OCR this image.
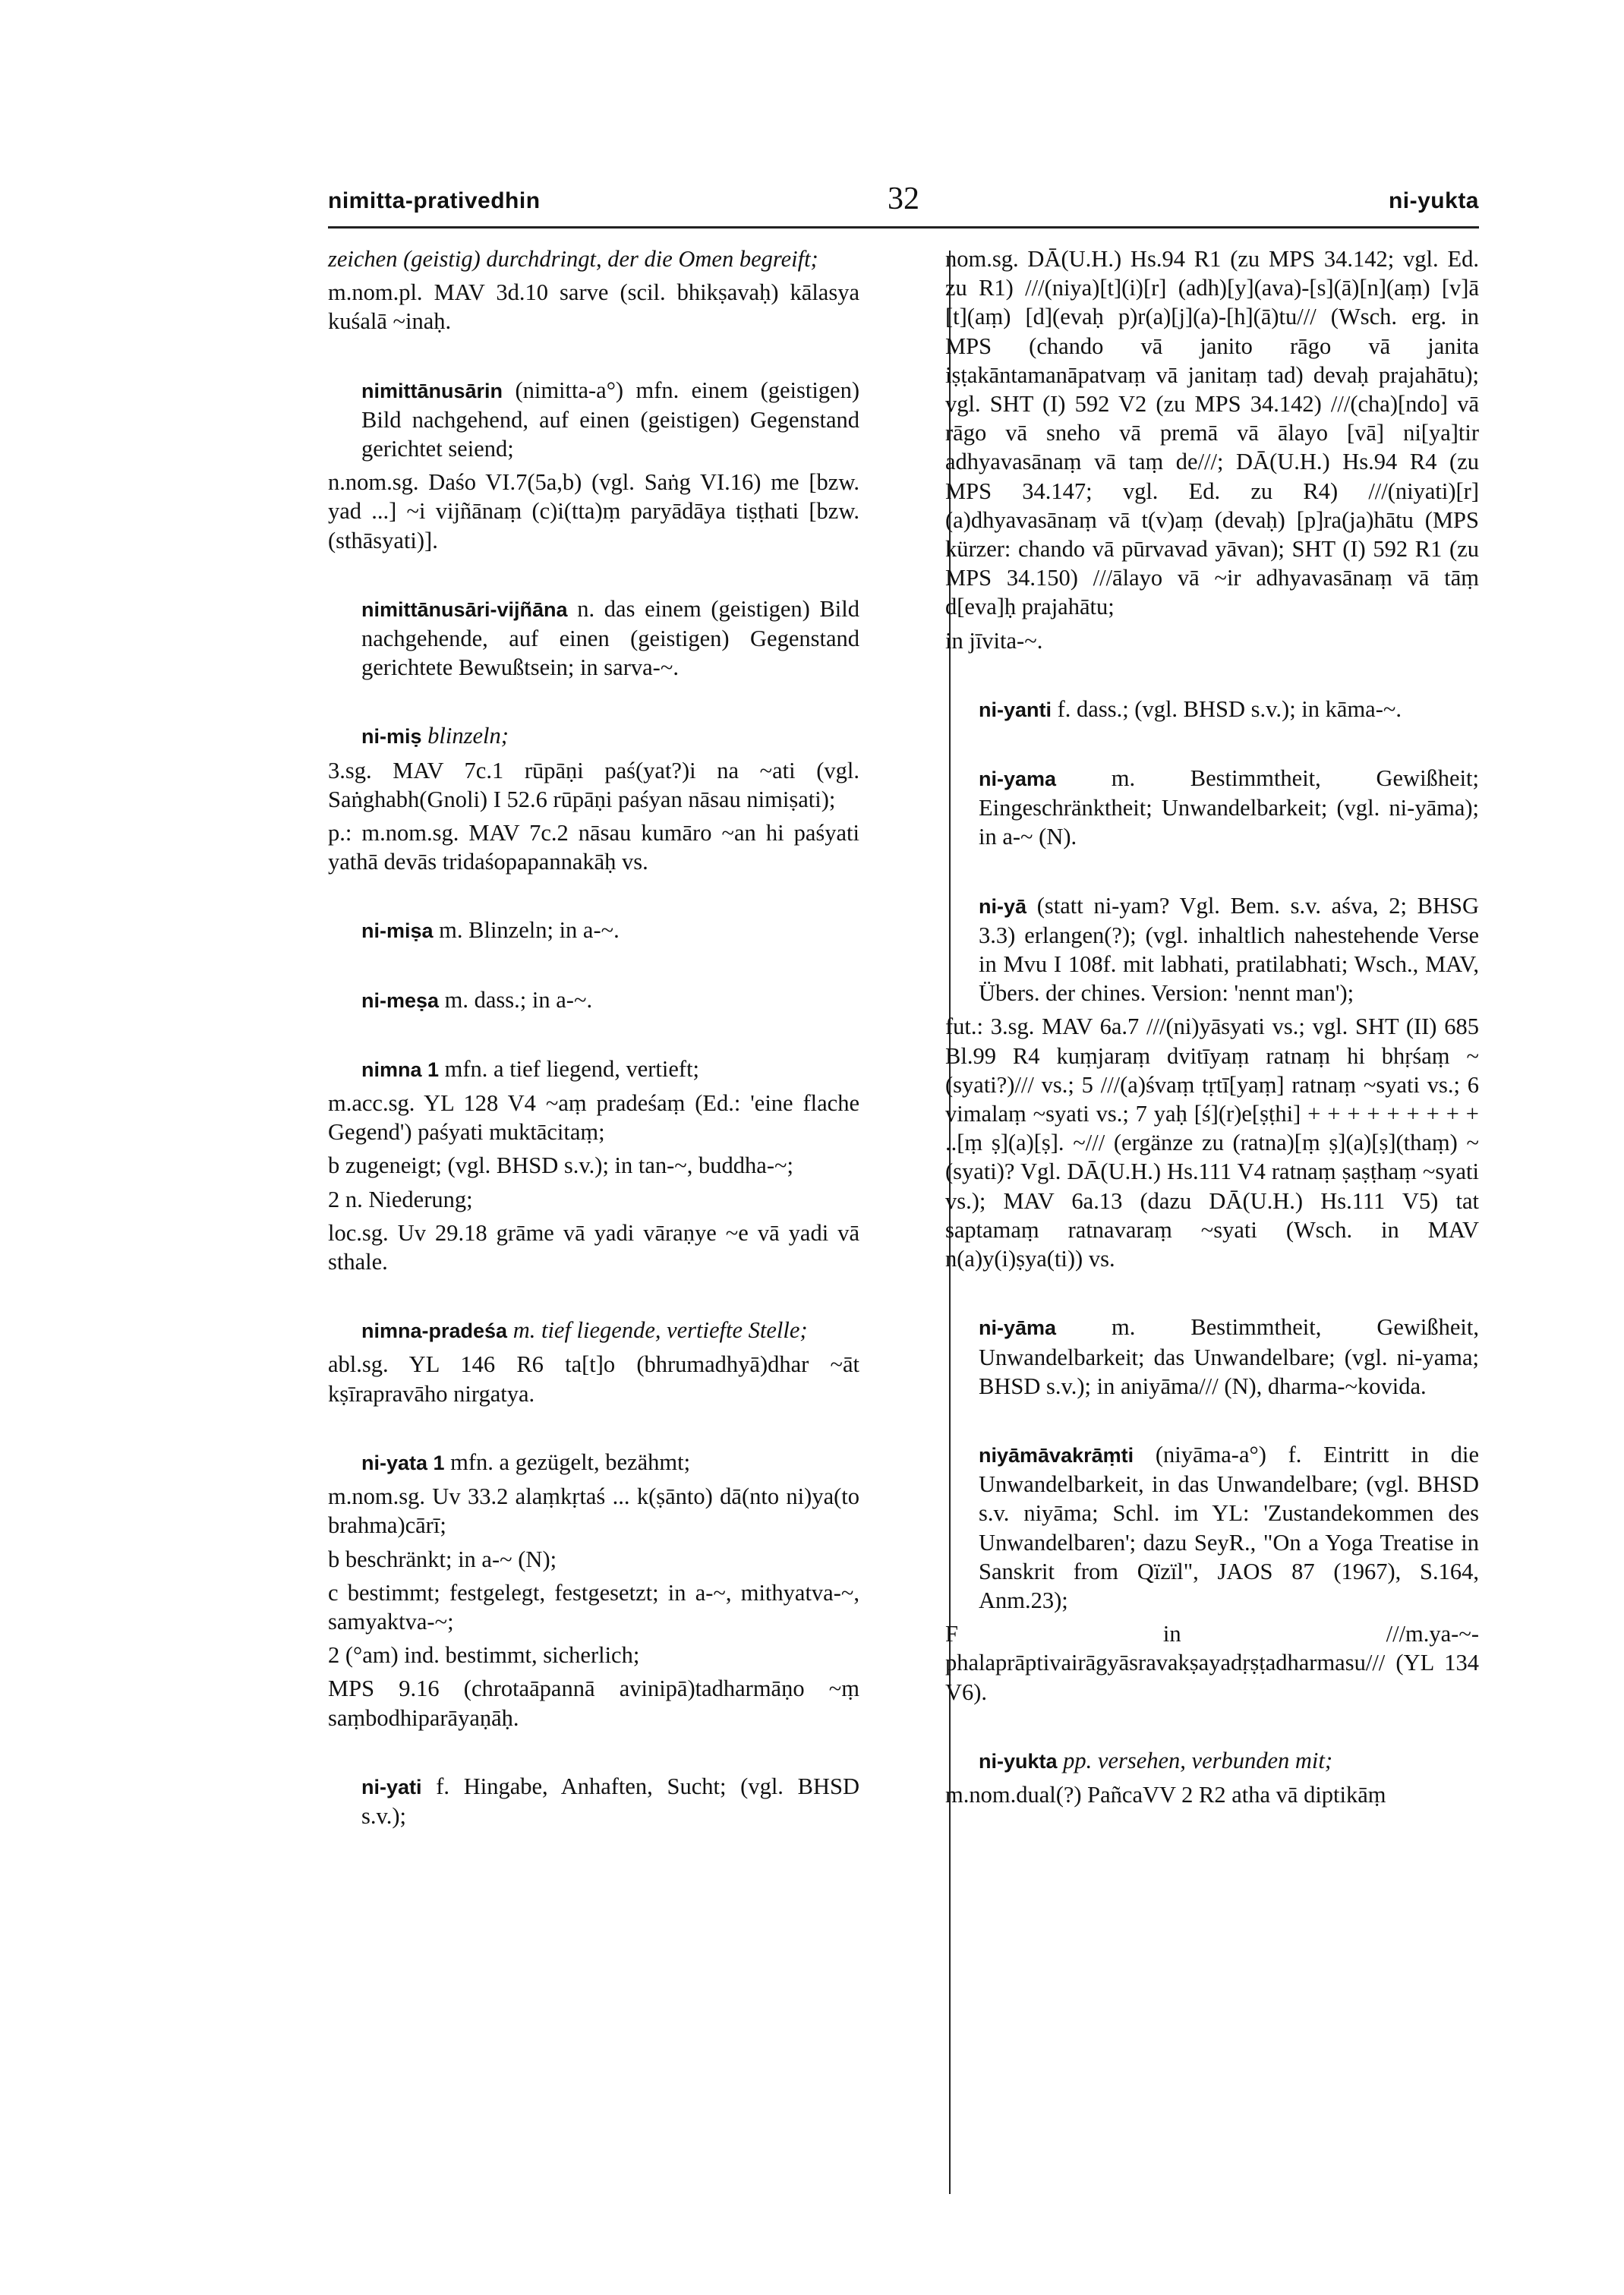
nimitta-prativedhin	32	ni-yukta

zeichen (geistig) durchdringt, der die Omen begreift;

m.nom.pl. MAV 3d.10 sarve (scil. bhikṣavaḥ) kālasya kuśalā ~inaḥ.

nimittānusārin (nimitta-a°) mfn. einem (geistigen) Bild nachgehend, auf einen (geistigen) Gegenstand gerichtet seiend;

n.nom.sg. Daśo VI.7(5a,b) (vgl. Saṅg VI.16) me [bzw. yad ...] ~i vijñānaṃ (c)i(tta)ṃ paryādāya tiṣṭhati [bzw. (sthāsyati)].

nimittānusāri-vijñāna n. das einem (geistigen) Bild nachgehende, auf einen (geistigen) Gegenstand gerichtete Bewußtsein; in sarva-~.

ni-miṣ blinzeln;

3.sg. MAV 7c.1 rūpāṇi paś(yat?)i na ~ati (vgl. Saṅghabh(Gnoli) I 52.6 rūpāṇi paśyan nāsau nimiṣati);

p.: m.nom.sg. MAV 7c.2 nāsau kumāro ~an hi paśyati yathā devās tridaśopapannakāḥ vs.

ni-miṣa m. Blinzeln; in a-~.

ni-meṣa m. dass.; in a-~.

nimna 1 mfn. a tief liegend, vertieft;

m.acc.sg. YL 128 V4 ~aṃ pradeśaṃ (Ed.: 'eine flache Gegend') paśyati muktācitaṃ;

b zugeneigt; (vgl. BHSD s.v.); in tan-~, buddha-~;

2 n. Niederung;

loc.sg. Uv 29.18 grāme vā yadi vāraṇye ~e vā yadi vā sthale.

nimna-pradeśa m. tief liegende, vertiefte Stelle;

abl.sg. YL 146 R6 ta[t]o (bhrumadhyā)dhar ~āt kṣīrapravāho nirgatya.

ni-yata 1 mfn. a gezügelt, bezähmt;

m.nom.sg. Uv 33.2 alaṃkṛtaś ... k(ṣānto) dā(nto ni)ya(to brahma)cārī;

b beschränkt; in a-~ (N);

c bestimmt; festgelegt, festgesetzt; in a-~, mithyatva-~, samyaktva-~;

2 (°am) ind. bestimmt, sicherlich;

MPS 9.16 (chrotaāpannā avinipā)tadharmāṇo ~ṃ saṃbodhiparāyaṇāḥ.

ni-yati f. Hingabe, Anhaften, Sucht; (vgl. BHSD s.v.);

nom.sg. DĀ(U.H.) Hs.94 R1 (zu MPS 34.142; vgl. Ed. zu R1) ///(niya)[t](i)[r] (adh)[y](ava)-[s](ā)[n](aṃ) [v]ā [t](aṃ) [d](evaḥ p)r(a)[j](a)-[h](ā)tu/// (Wsch. erg. in MPS (chando vā janito rāgo vā janita iṣṭakāntamanāpatvaṃ vā janitaṃ tad) devaḥ prajahātu); vgl. SHT (I) 592 V2 (zu MPS 34.142) ///(cha)[ndo] vā rāgo vā sneho vā premā vā ālayo [vā] ni[ya]tir adhyavasānaṃ vā taṃ de///; DĀ(U.H.) Hs.94 R4 (zu MPS 34.147; vgl. Ed. zu R4) ///(niyati)[r] (a)dhyavasānaṃ vā t(v)aṃ (devaḥ) [p]ra(ja)hātu (MPS kürzer: chando vā pūrvavad yāvan); SHT (I) 592 R1 (zu MPS 34.150) ///ālayo vā ~ir adhyavasānaṃ vā tāṃ d[eva]ḥ prajahātu;

in jīvita-~.

ni-yanti f. dass.; (vgl. BHSD s.v.); in kāma-~.

ni-yama m. Bestimmtheit, Gewißheit; Eingeschränktheit; Unwandelbarkeit; (vgl. ni-yāma); in a-~ (N).

ni-yā (statt ni-yam? Vgl. Bem. s.v. aśva, 2; BHSG 3.3) erlangen(?); (vgl. inhaltlich nahestehende Verse in Mvu I 108f. mit labhati, pratilabhati; Wsch., MAV, Übers. der chines. Version: 'nennt man');

fut.: 3.sg. MAV 6a.7 ///(ni)yāsyati vs.; vgl. SHT (II) 685 Bl.99 R4 kuṃjaraṃ dvitīyaṃ ratnaṃ hi bhṛśaṃ ~(syati?)/// vs.; 5 ///(a)śvaṃ tṛtī[yaṃ] ratnaṃ ~syati vs.; 6 vimalaṃ ~syati vs.; 7 yaḥ [ś](r)e[ṣṭhi] + + + + + + + + + ..[ṃ ṣ](a)[ṣ]. ~/// (ergänze zu (ratna)[ṃ ṣ](a)[ṣ](thaṃ) ~(syati)? Vgl. DĀ(U.H.) Hs.111 V4 ratnaṃ ṣaṣṭhaṃ ~syati vs.); MAV 6a.13 (dazu DĀ(U.H.) Hs.111 V5) tat saptamaṃ ratnavaraṃ ~syati (Wsch. in MAV n(a)y(i)ṣya(ti)) vs.

ni-yāma m. Bestimmtheit, Gewißheit, Unwandelbarkeit; das Unwandelbare; (vgl. ni-yama; BHSD s.v.); in aniyāma/// (N), dharma-~kovida.

niyāmāvakrāṃti (niyāma-a°) f. Eintritt in die Unwandelbarkeit, in das Unwandelbare; (vgl. BHSD s.v. niyāma; Schl. im YL: 'Zustandekommen des Unwandelbaren'; dazu SeyR., "On a Yoga Treatise in Sanskrit from Qïzïl", JAOS 87 (1967), S.164, Anm.23);

F in ///m.ya-~-phalaprāptivairāgyāsravakṣayadṛṣṭadharmasu/// (YL 134 V6).

ni-yukta pp. versehen, verbunden mit;

m.nom.dual(?) PañcaVV 2 R2 atha vā diptikāṃ
